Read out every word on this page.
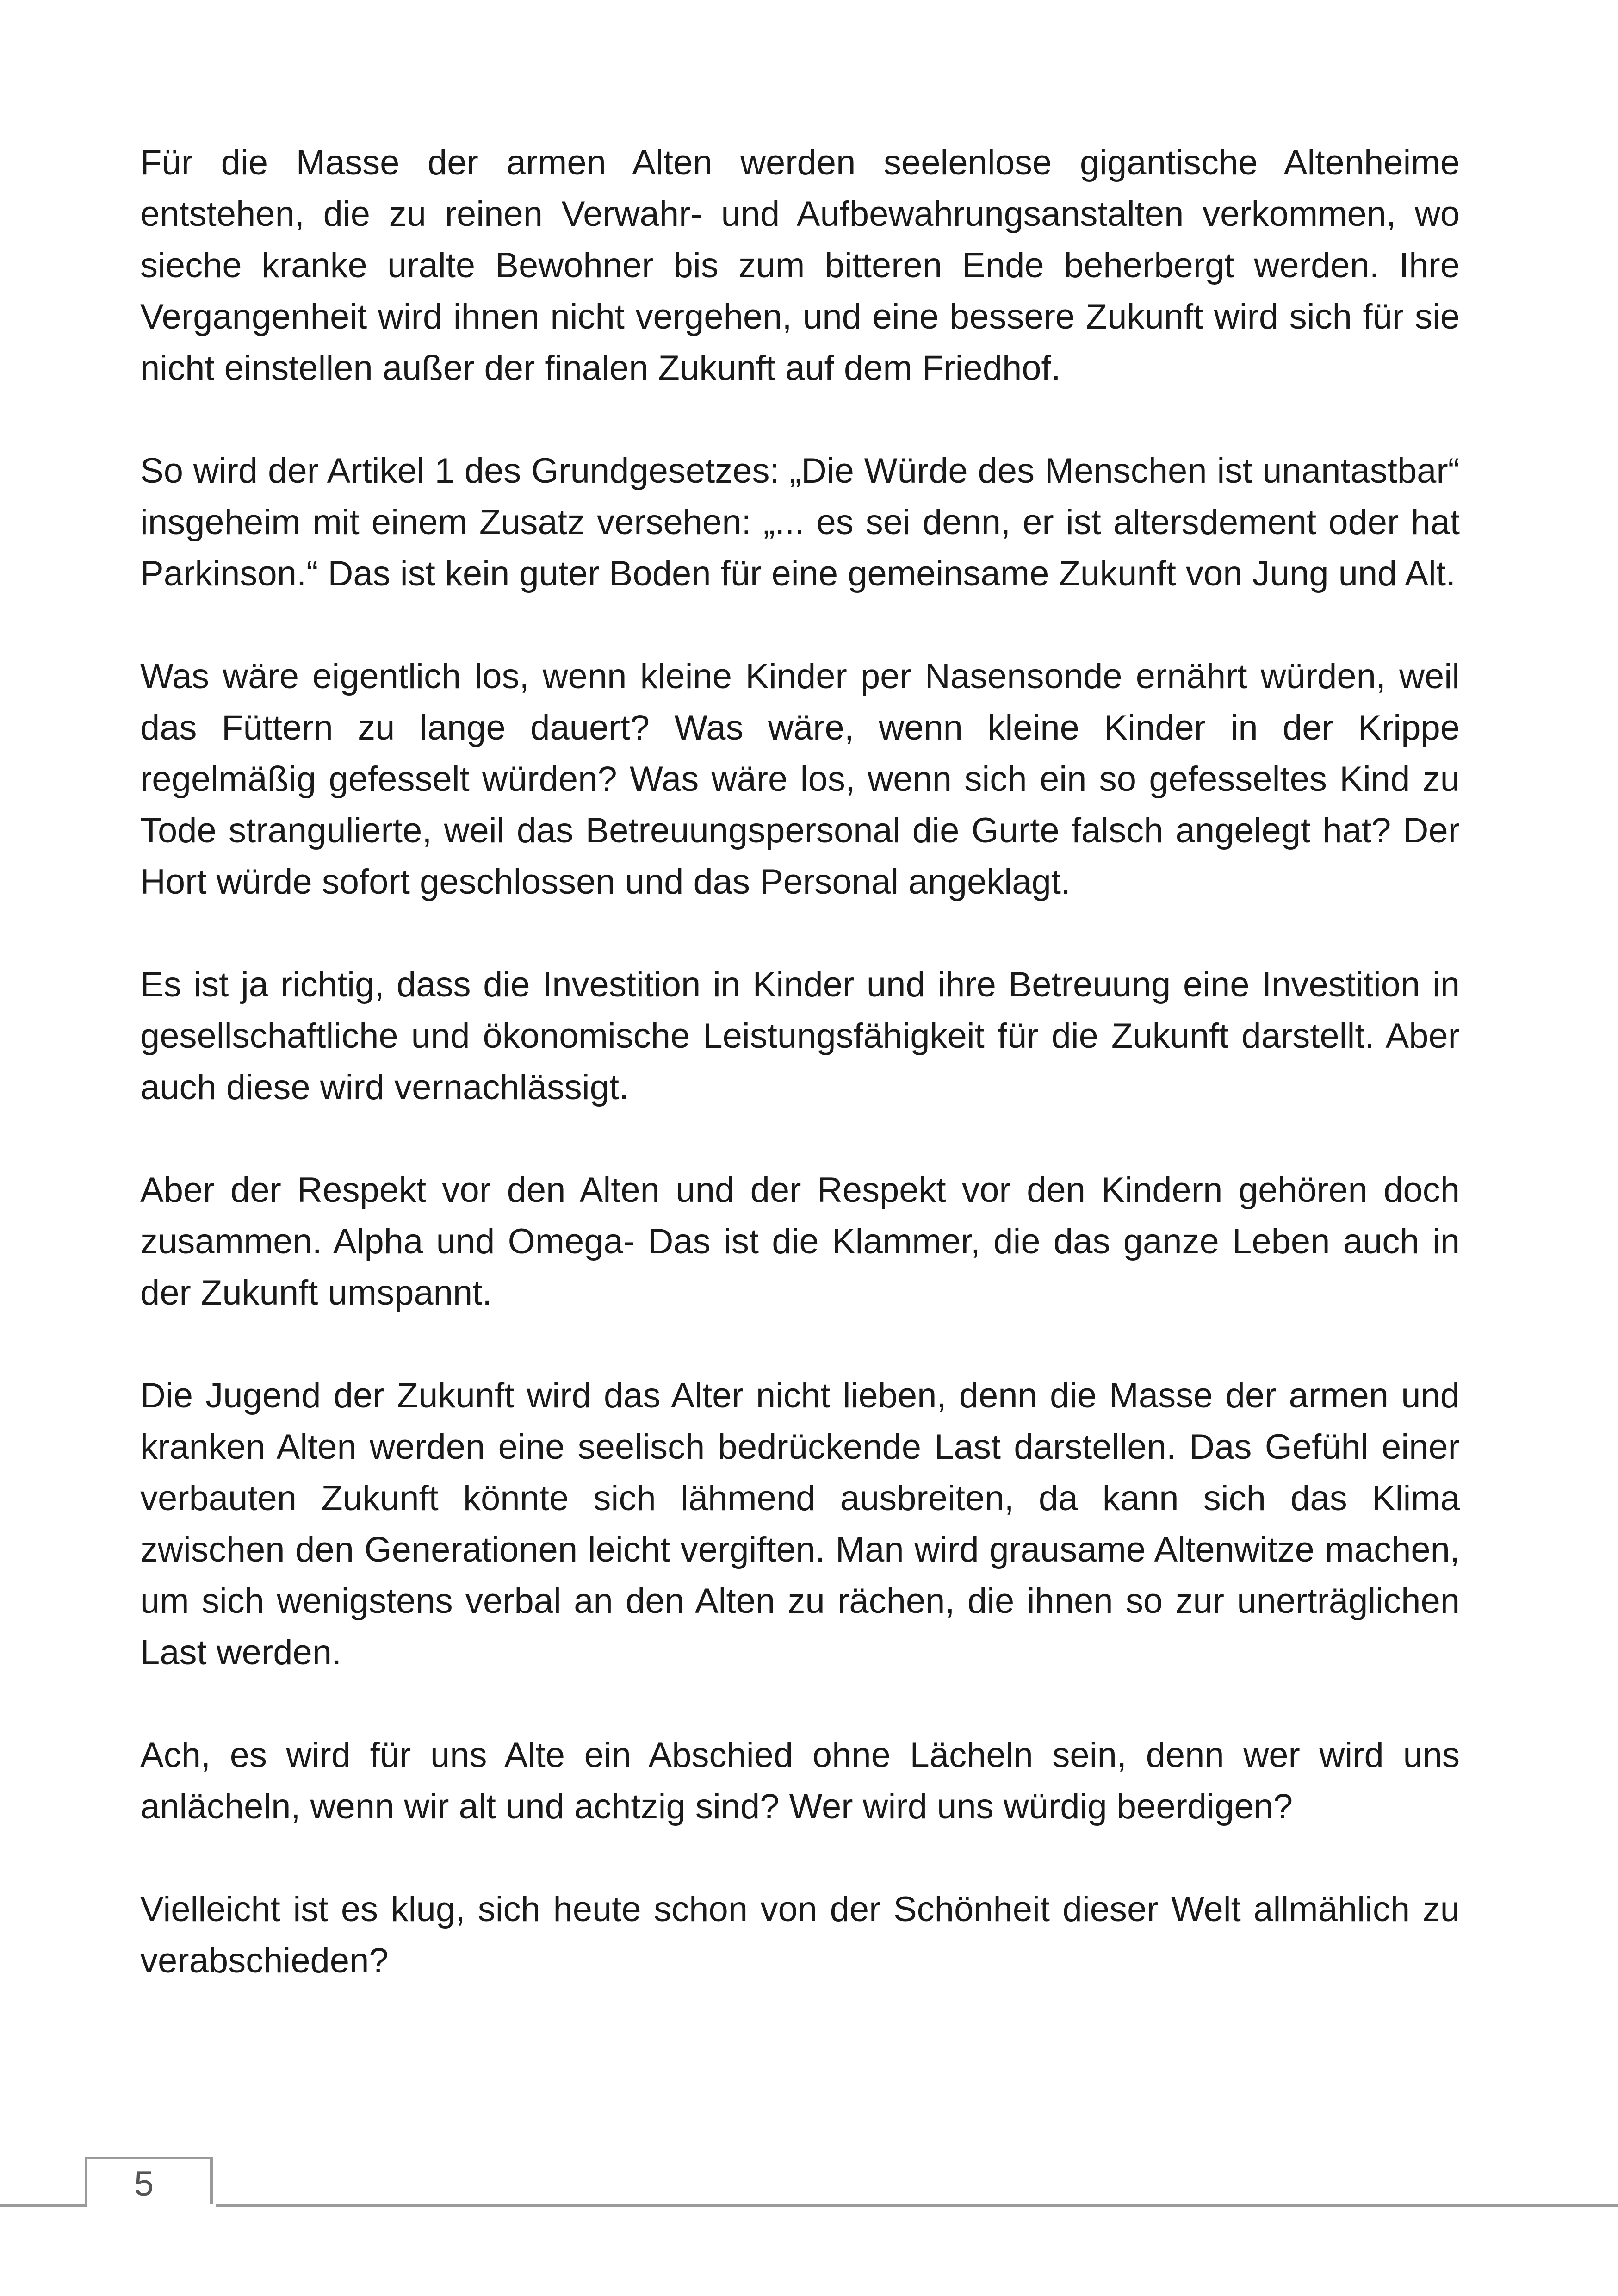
Für die Masse der armen Alten werden seelenlose gigantische Altenheime entstehen, die zu reinen Verwahr- und Aufbewahrungsanstalten verkommen, wo sieche kranke uralte Bewohner bis zum bitteren Ende beherbergt werden. Ihre Vergangenheit wird ihnen nicht vergehen, und eine bessere Zukunft wird sich für sie nicht einstellen außer der finalen Zukunft auf dem Friedhof.

So wird der Artikel 1 des Grundgesetzes: „Die Würde des Menschen ist unantastbar“ insgeheim mit einem Zusatz versehen: „... es sei denn, er ist altersdement oder hat Parkinson.“ Das ist kein guter Boden für eine gemeinsame Zukunft von Jung und Alt.

Was wäre eigentlich los, wenn kleine Kinder per Nasensonde ernährt würden, weil das Füttern zu lange dauert? Was wäre, wenn kleine Kinder in der Krippe regelmäßig gefesselt würden? Was wäre los, wenn sich ein so gefesseltes Kind zu Tode strangulierte, weil das Betreuungspersonal die Gurte falsch angelegt hat? Der Hort würde sofort geschlossen und das Personal angeklagt.

Es ist ja richtig, dass die Investition in Kinder und ihre Betreuung eine Investition in gesellschaftliche und ökonomische Leistungsfähigkeit für die Zukunft darstellt. Aber auch diese wird vernachlässigt.

Aber der Respekt vor den Alten und der Respekt vor den Kindern gehören doch zusammen. Alpha und Omega- Das ist die Klammer, die das ganze Leben auch in der Zukunft umspannt.

Die Jugend der Zukunft wird das Alter nicht lieben, denn die Masse der armen und kranken Alten werden eine seelisch bedrückende Last darstellen. Das Gefühl einer verbauten Zukunft könnte sich lähmend ausbreiten, da kann sich das Klima zwischen den Generationen leicht vergiften. Man wird grausame Altenwitze machen, um sich wenigstens verbal an den Alten zu rächen, die ihnen so zur unerträglichen Last werden.

Ach, es wird für uns Alte ein Abschied ohne Lächeln sein, denn wer wird uns anlächeln, wenn wir alt und achtzig sind? Wer wird uns würdig beerdigen?

Vielleicht ist es klug, sich heute schon von der Schönheit dieser Welt allmählich zu verabschieden?

5
